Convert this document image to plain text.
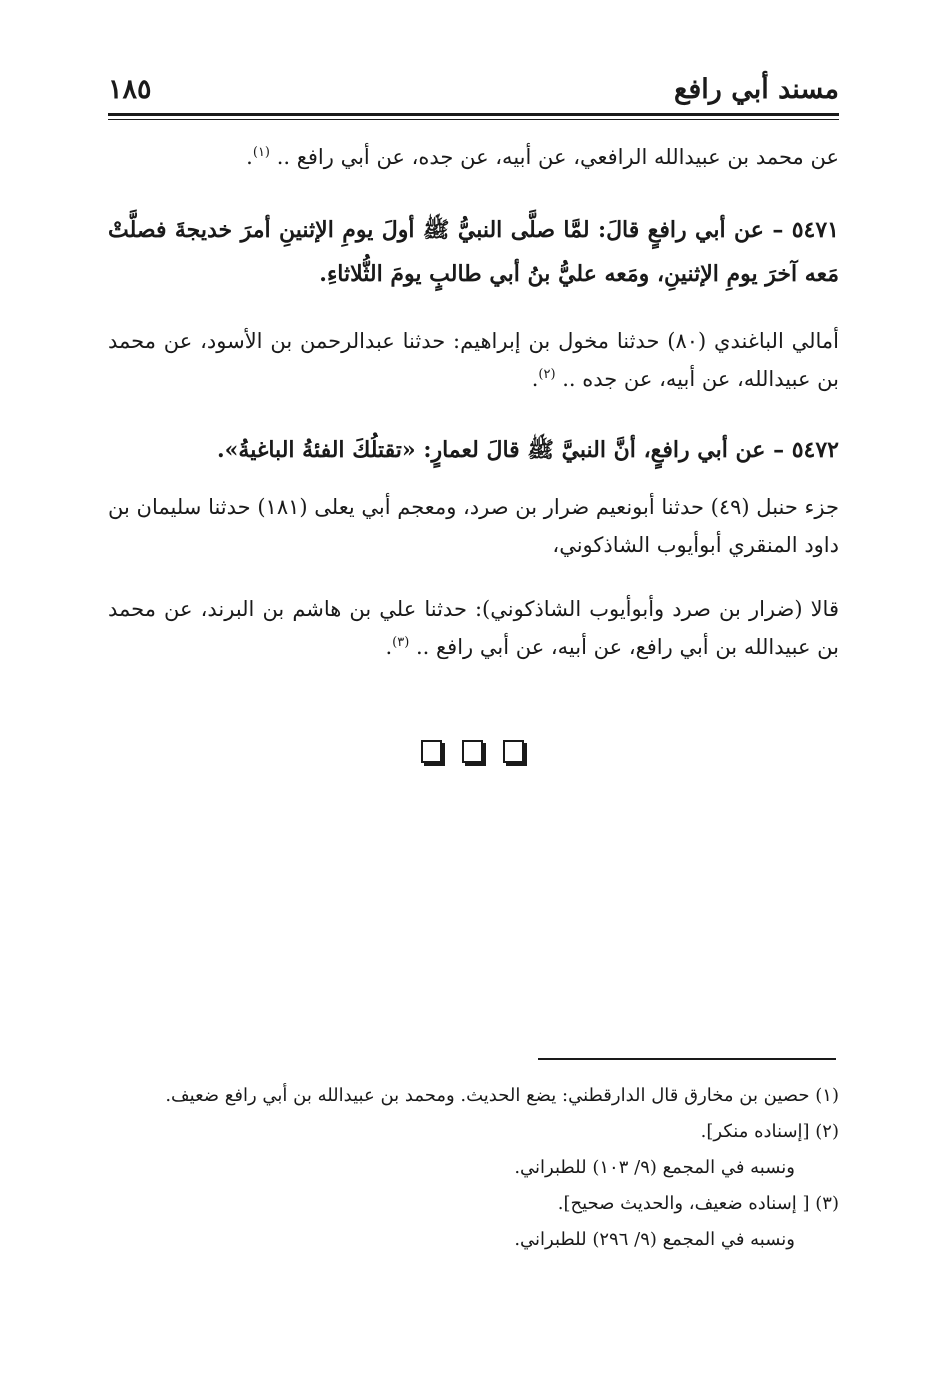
مسند أبي رافع
١٨٥
عن محمد بن عبيدالله الرافعي، عن أبيه، عن جده، عن أبي رافع .. $^{(١)}$.
٥٤٧١ – عن أبي رافعٍ قالَ: لمَّا صلَّى النبيُّ ﷺ أولَ يومِ الإثنينِ أمرَ خديجةَ فصلَّتْ مَعه آخرَ يومِ الإثنينِ، ومَعه عليُّ بنُ أبي طالبٍ يومَ الثُّلاثاءِ.
أمالي الباغندي (٨٠) حدثنا مخول بن إبراهيم: حدثنا عبدالرحمن بن الأسود، عن محمد بن عبيدالله، عن أبيه، عن جده .. $^{(٢)}$.
٥٤٧٢ – عن أبي رافعٍ، أنَّ النبيَّ ﷺ قالَ لعمارٍ: «تقتلُكَ الفئةُ الباغيةُ».
جزء حنبل (٤٩) حدثنا أبونعيم ضرار بن صرد، ومعجم أبي يعلى (١٨١) حدثنا سليمان بن داود المنقري أبوأيوب الشاذكوني،
قالا (ضرار بن صرد وأبوأيوب الشاذكوني): حدثنا علي بن هاشم بن البرند، عن محمد بن عبيدالله بن أبي رافع، عن أبيه، عن أبي رافع .. $^{(٣)}$.
(١) حصين بن مخارق قال الدارقطني: يضع الحديث. ومحمد بن عبيدالله بن أبي رافع ضعيف.
(٢) [إسناده منكر].
ونسبه في المجمع (٩/ ١٠٣) للطبراني.
(٣) [ إسناده ضعيف، والحديث صحيح].
ونسبه في المجمع (٩/ ٢٩٦) للطبراني.
